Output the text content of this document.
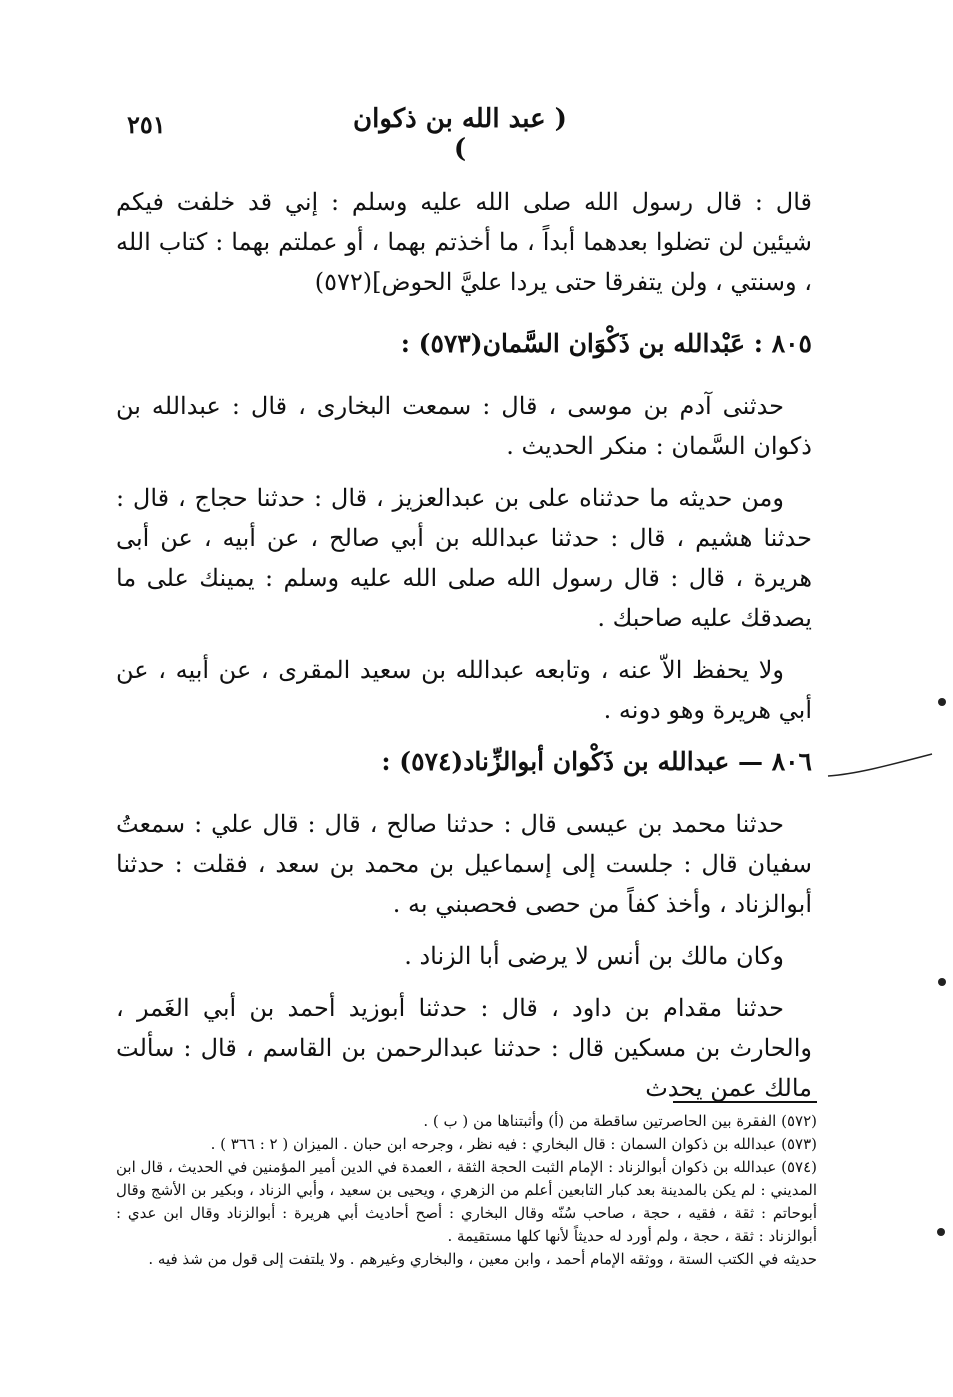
٢٥١	( عبد الله بن ذكوان )

قال : قال رسول الله صلى الله عليه وسلم : إني قد خلفت فيكم شيئين لن تضلوا بعدهما أبداً ، ما أخذتم بهما ، أو عملتم بهما : كتاب الله ، وسنتي ، ولن يتفرقا حتى يردا عليَّ الحوض](٥٧٢)

٨٠٥ : عَبْدالله بن ذَكْوَان السَّمان(٥٧٣) :

حدثنى آدم بن موسى ، قال : سمعت البخارى ، قال : عبدالله بن ذكوان السَّمان : منكر الحديث .

ومن حديثه ما حدثناه على بن عبدالعزيز ، قال : حدثنا حجاج ، قال : حدثنا هشيم ، قال : حدثنا عبدالله بن أبي صالح ، عن أبيه ، عن أبى هريرة ، قال : قال رسول الله صلى الله عليه وسلم : يمينك على ما يصدقك عليه صاحبك .

ولا يحفظ الاّ عنه ، وتابعه عبدالله بن سعيد المقرى ، عن أبيه ، عن أبي هريرة وهو دونه .

٨٠٦ — عبدالله بن ذَكْوان أبوالزِّناد(٥٧٤) :

حدثنا محمد بن عيسى قال : حدثنا صالح ، قال : قال علي : سمعتُ سفيان قال : جلست إلى إسماعيل بن محمد بن سعد ، فقلت : حدثنا أبوالزناد ، وأخذ كفاً من حصى فحصبني به .

وكان مالك بن أنس لا يرضى أبا الزناد .

حدثنا مقدام بن داود ، قال : حدثنا أبوزيد أحمد بن أبي الغَمر ، والحارث بن مسكين قال : حدثنا عبدالرحمن بن القاسم ، قال : سألت مالك عمن يحدث

(٥٧٢) الفقرة بين الحاصرتين ساقطة من (أ) وأثبتناها من ( ب ) .

(٥٧٣) عبدالله بن ذكوان السمان : قال البخاري : فيه نظر ، وجرحه ابن حبان . الميزان ( ٢ : ٣٦٦ ) .

(٥٧٤) عبدالله بن ذكوان أبوالزناد : الإمام الثبت الحجة الثقة ، العمدة في الدين أمير المؤمنين في الحديث ، قال ابن المديني : لم يكن بالمدينة بعد كبار التابعين أعلم من الزهري ، ويحيى بن سعيد ، وأبي الزناد ، وبكير بن الأشج وقال أبوحاتم : ثقة ، فقيه ، حجة ، صاحب سُنّه وقال البخاري : أصح أحاديث أبي هريرة : أبوالزناد وقال ابن عدي : أبوالزناد : ثقة ، حجة ، ولم أورد له حديثاً لأنها كلها مستقيمة .

حديثه في الكتب الستة ، ووثقه الإمام أحمد ، وابن معين ، والبخاري وغيرهم . ولا يلتفت إلى قول من شذ فيه .
